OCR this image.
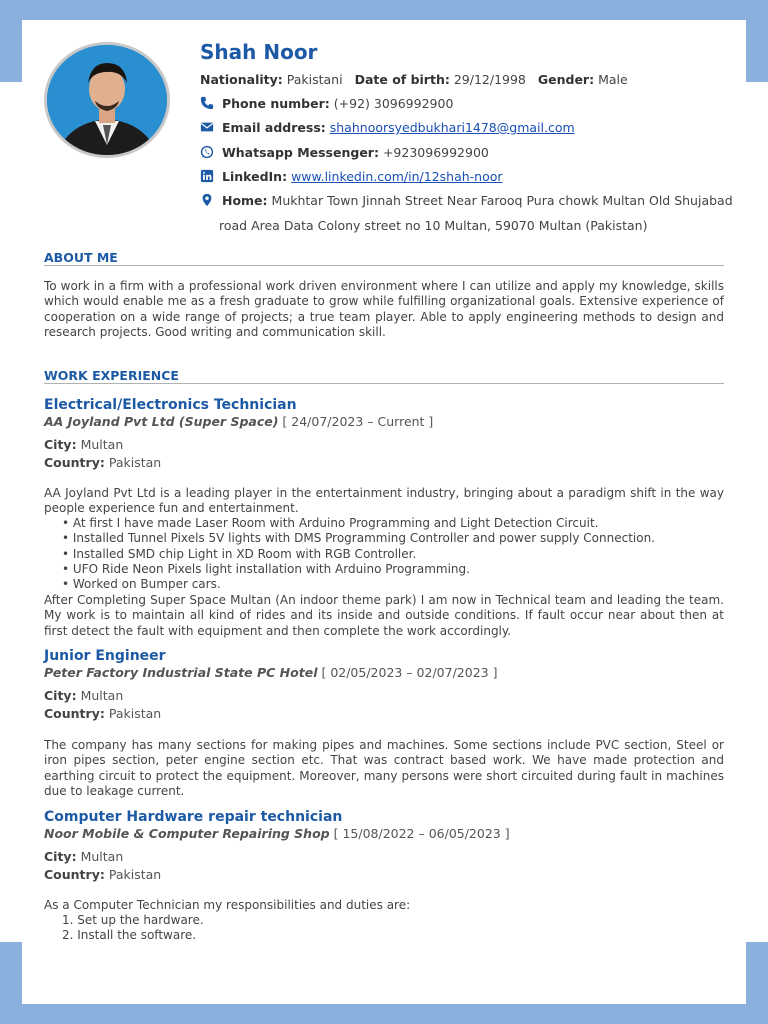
Shah Noor
Nationality: Pakistani Date of birth: 29/12/1998 Gender: Male
Phone number: (+92) 3096992900
Email address: shahnoorsyedbukhari1478@gmail.com
Whatsapp Messenger: +923096992900
LinkedIn: www.linkedin.com/in/12shah-noor
Home: Mukhtar Town Jinnah Street Near Farooq Pura chowk Multan Old Shujabad
road Area Data Colony street no 10 Multan, 59070 Multan (Pakistan)
ABOUT ME

To work in a firm with a professional work driven environment where I can utilize and apply my knowledge, skills which would enable me as a fresh graduate to grow while fulfilling organizational goals. Extensive experience of cooperation on a wide range of projects; a true team player. Able to apply engineering methods to design and research projects. Good writing and communication skill.

WORK EXPERIENCE
Electrical/Electronics Technician
AA Joyland Pvt Ltd (Super Space) [ 24/07/2023 – Current ]
City: Multan
Country: Pakistan

AA Joyland Pvt Ltd is a leading player in the entertainment industry, bringing about a paradigm shift in the way people experience fun and entertainment.

• At first I have made Laser Room with Arduino Programming and Light Detection Circuit.
• Installed Tunnel Pixels 5V lights with DMS Programming Controller and power supply Connection.
• Installed SMD chip Light in XD Room with RGB Controller.
• UFO Ride Neon Pixels light installation with Arduino Programming.
• Worked on Bumper cars.

After Completing Super Space Multan (An indoor theme park) I am now in Technical team and leading the team. My work is to maintain all kind of rides and its inside and outside conditions. If fault occur near about then at first detect the fault with equipment and then complete the work accordingly.

Junior Engineer
Peter Factory Industrial State PC Hotel [ 02/05/2023 – 02/07/2023 ]
City: Multan
Country: Pakistan

The company has many sections for making pipes and machines. Some sections include PVC section, Steel or iron pipes section, peter engine section etc. That was contract based work. We have made protection and earthing circuit to protect the equipment. Moreover, many persons were short circuited during fault in machines due to leakage current.

Computer Hardware repair technician
Noor Mobile & Computer Repairing Shop [ 15/08/2022 – 06/05/2023 ]
City: Multan
Country: Pakistan

As a Computer Technician my responsibilities and duties are:

1. Set up the hardware.
2. Install the software.
